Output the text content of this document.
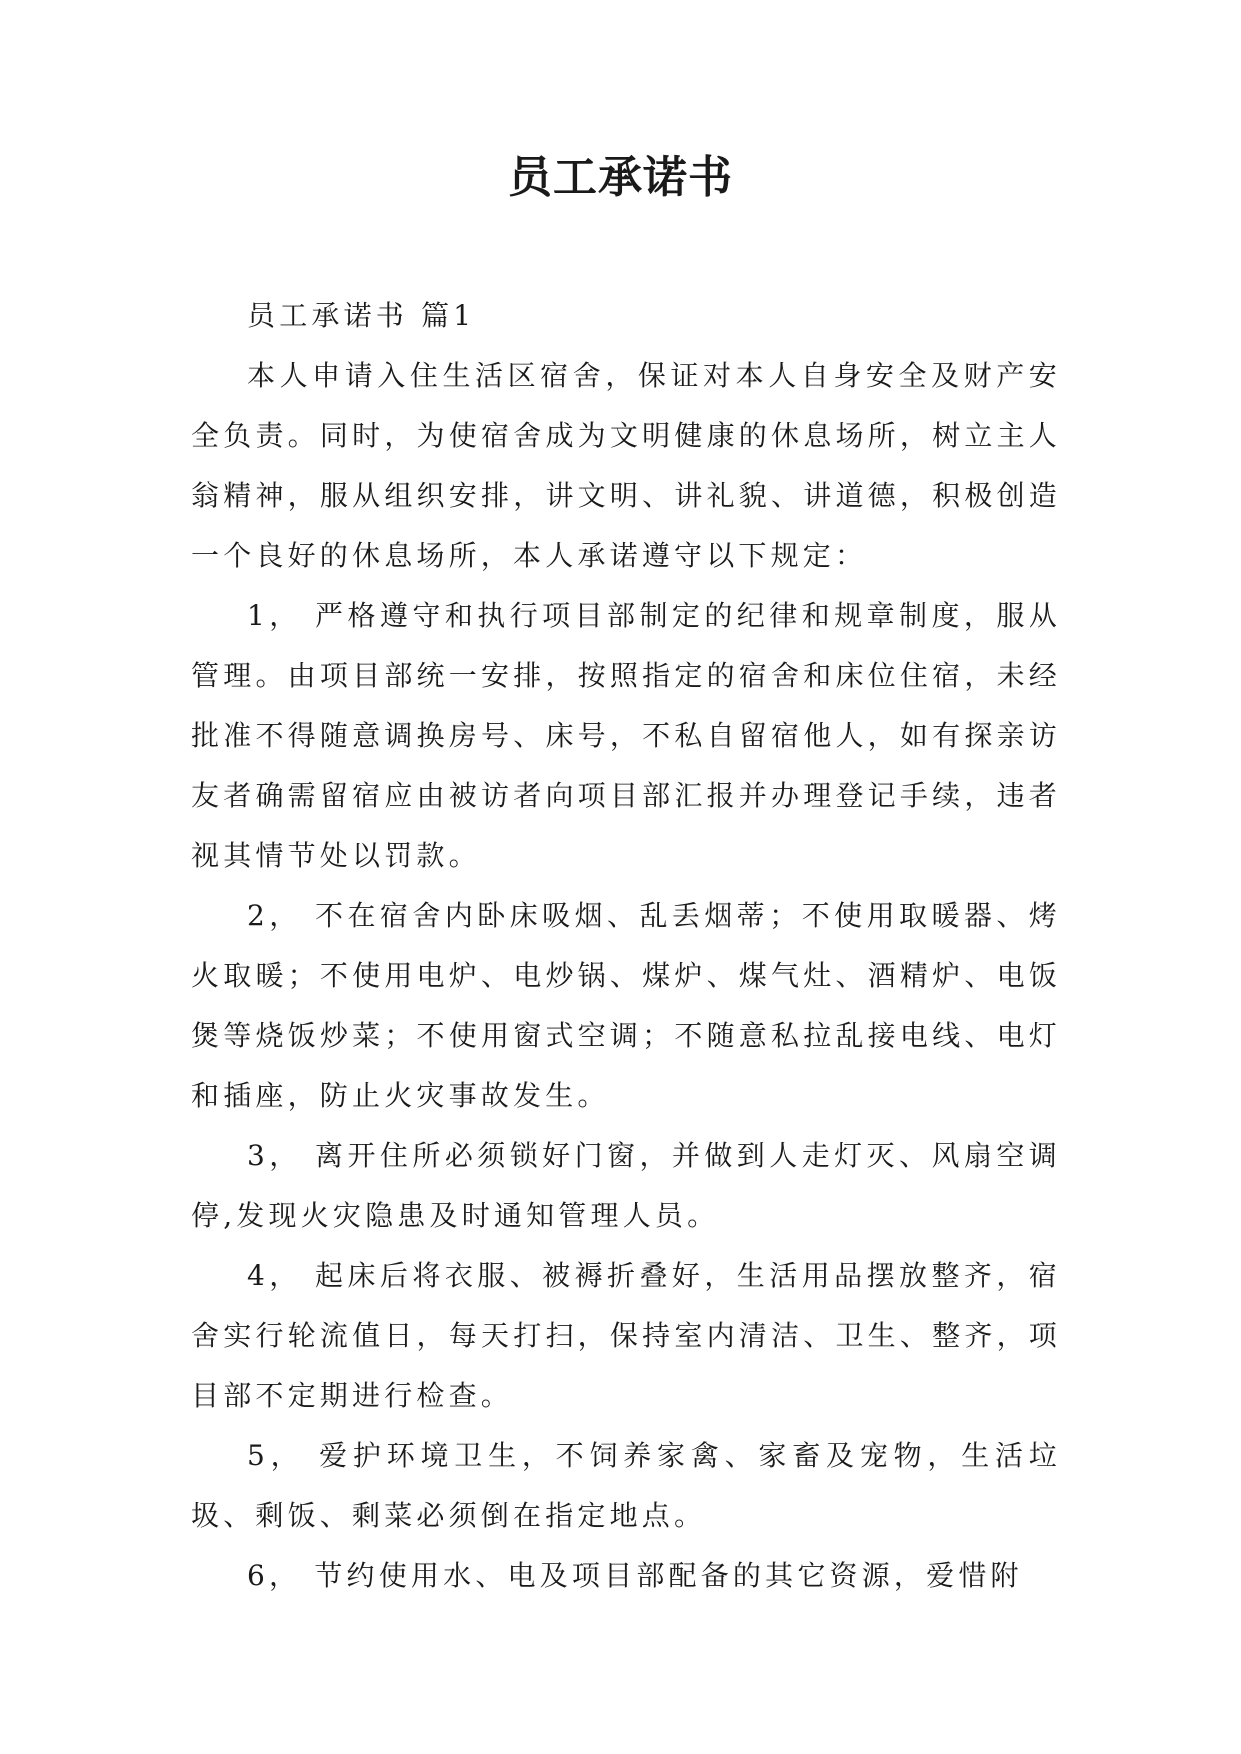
员工承诺书

员工承诺书 篇1

本人申请入住生活区宿舍，保证对本人自身安全及财产安全负责。同时，为使宿舍成为文明健康的休息场所，树立主人翁精神，服从组织安排，讲文明、讲礼貌、讲道德，积极创造一个良好的休息场所，本人承诺遵守以下规定：

1， 严格遵守和执行项目部制定的纪律和规章制度，服从管理。由项目部统一安排，按照指定的宿舍和床位住宿，未经批准不得随意调换房号、床号，不私自留宿他人，如有探亲访友者确需留宿应由被访者向项目部汇报并办理登记手续，违者视其情节处以罚款。

2， 不在宿舍内卧床吸烟、乱丢烟蒂；不使用取暖器、烤火取暖；不使用电炉、电炒锅、煤炉、煤气灶、酒精炉、电饭煲等烧饭炒菜；不使用窗式空调；不随意私拉乱接电线、电灯和插座，防止火灾事故发生。

3， 离开住所必须锁好门窗，并做到人走灯灭、风扇空调停,发现火灾隐患及时通知管理人员。

4， 起床后将衣服、被褥折叠好，生活用品摆放整齐，宿舍实行轮流值日，每天打扫，保持室内清洁、卫生、整齐，项目部不定期进行检查。

5， 爱护环境卫生，不饲养家禽、家畜及宠物，生活垃圾、剩饭、剩菜必须倒在指定地点。

6， 节约使用水、电及项目部配备的其它资源，爱惜附
